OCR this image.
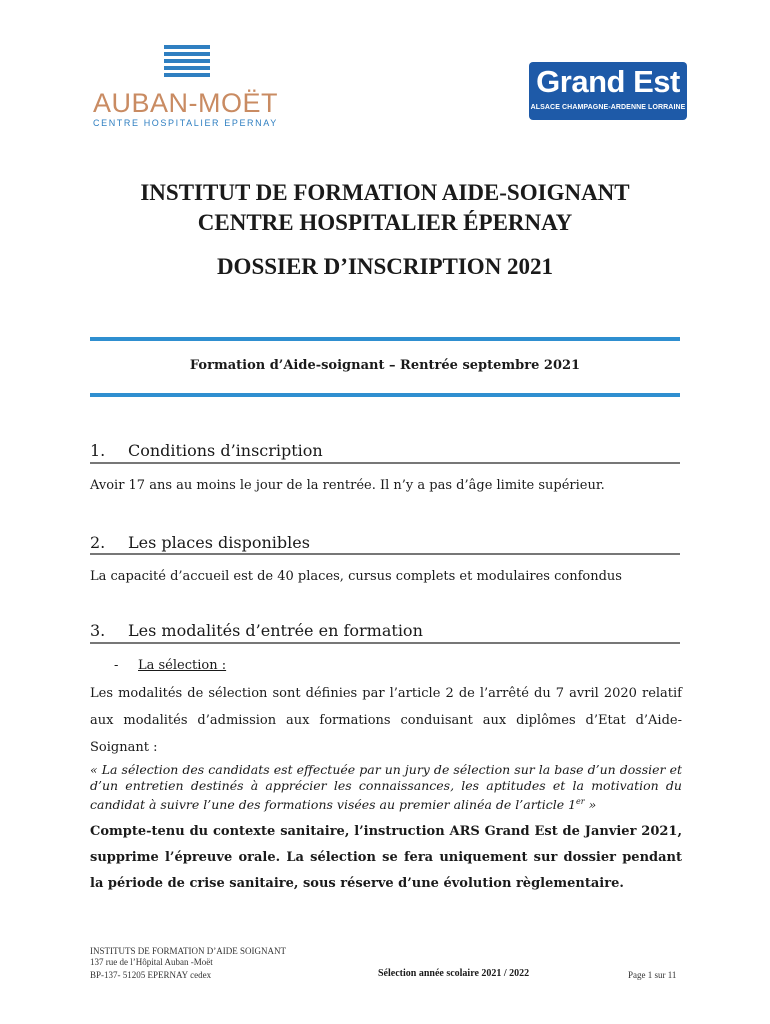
AUBAN-MOËT
CENTRE HOSPITALIER EPERNAY
Grand Est
ALSACE CHAMPAGNE-ARDENNE LORRAINE
INSTITUT DE FORMATION AIDE-SOIGNANT
CENTRE HOSPITALIER ÉPERNAY
DOSSIER D’INSCRIPTION 2021
Formation d’Aide-soignant – Rentrée septembre 2021
1. Conditions d’inscription
Avoir 17 ans au moins le jour de la rentrée. Il n’y a pas d’âge limite supérieur.
2. Les places disponibles
La capacité d’accueil est de 40 places, cursus complets et modulaires confondus
3. Les modalités d’entrée en formation
-	La sélection :
Les modalités de sélection sont définies par l’article 2 de l’arrêté du 7 avril 2020 relatif aux modalités d’admission aux formations conduisant aux diplômes d’Etat d’Aide-Soignant :
« La sélection des candidats est effectuée par un jury de sélection sur la base d’un dossier et d’un entretien destinés à apprécier les connaissances, les aptitudes et la motivation du candidat à suivre l’une des formations visées au premier alinéa de l’article 1er »
Compte-tenu du contexte sanitaire, l’instruction ARS Grand Est de Janvier 2021, supprime l’épreuve orale. La sélection se fera uniquement sur dossier pendant la période de crise sanitaire, sous réserve d’une évolution règlementaire.
INSTITUTS DE FORMATION D’AIDE SOIGNANT
137 rue de l’Hôpital Auban -Moët
BP-137- 51205 EPERNAY cedex	Sélection année scolaire 2021 / 2022	Page 1 sur 11
